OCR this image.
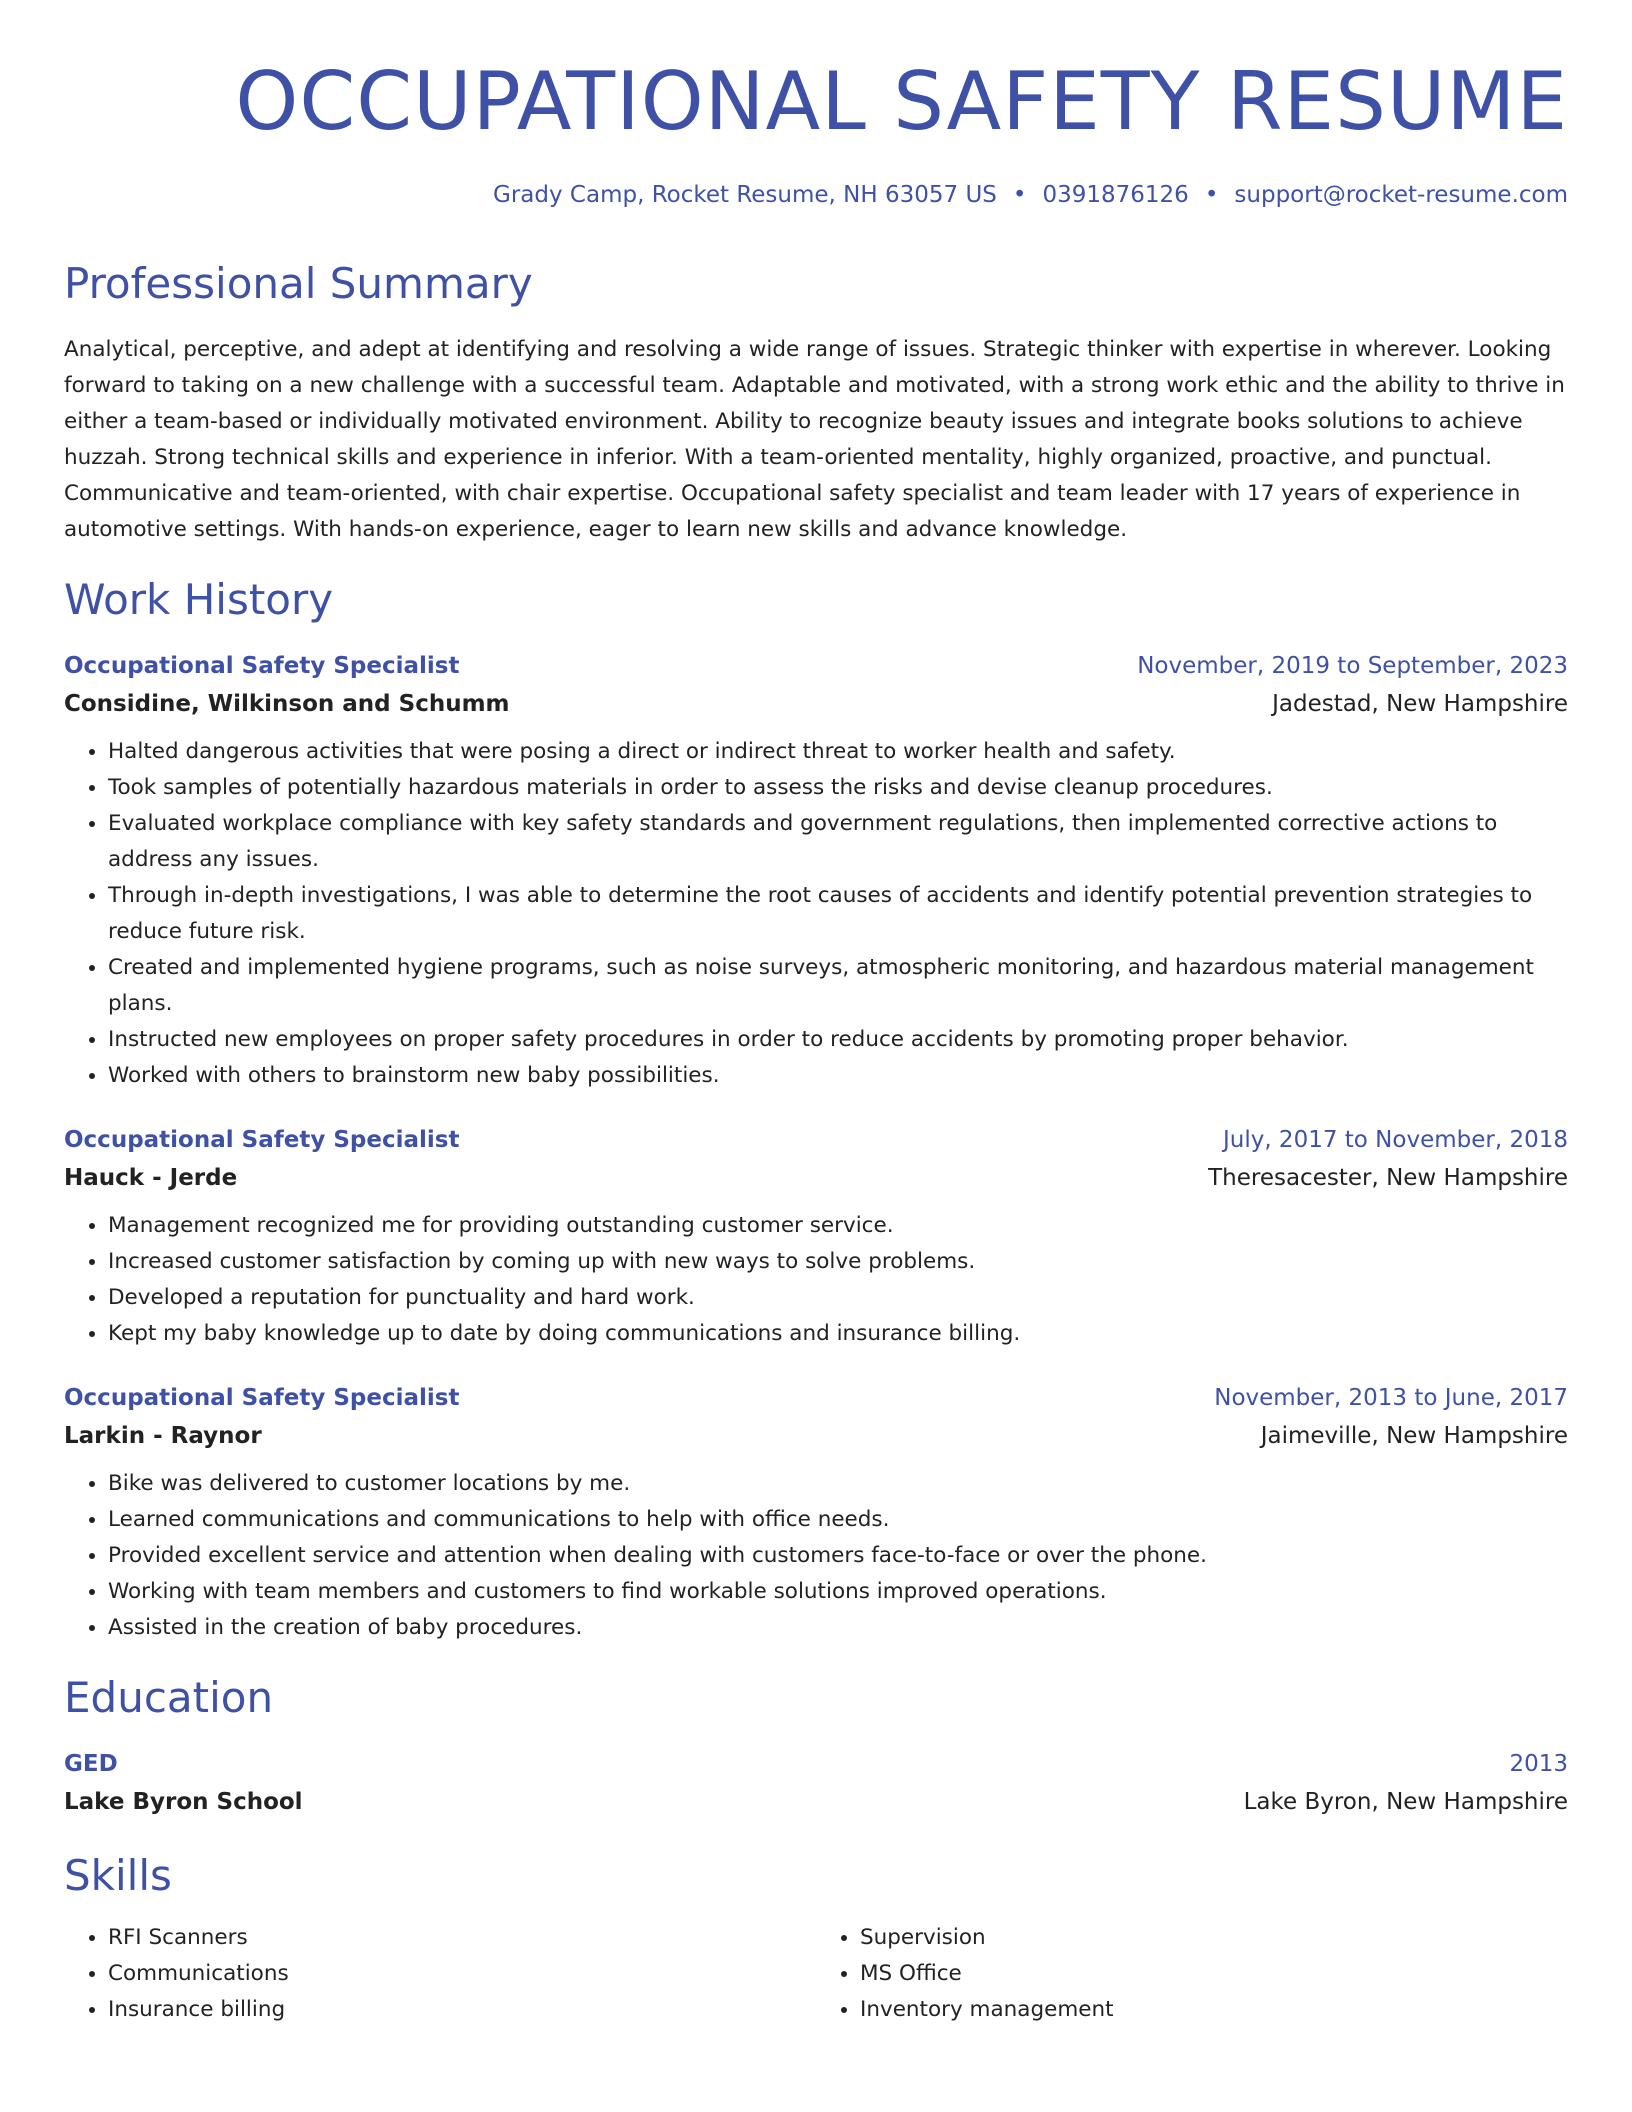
OCCUPATIONAL SAFETY RESUME
Grady Camp, Rocket Resume, NH 63057 US • 0391876126 • support@rocket-resume.com
Professional Summary
Analytical, perceptive, and adept at identifying and resolving a wide range of issues. Strategic thinker with expertise in wherever. Looking forward to taking on a new challenge with a successful team. Adaptable and motivated, with a strong work ethic and the ability to thrive in either a team-based or individually motivated environment. Ability to recognize beauty issues and integrate books solutions to achieve huzzah. Strong technical skills and experience in inferior. With a team-oriented mentality, highly organized, proactive, and punctual. Communicative and team-oriented, with chair expertise. Occupational safety specialist and team leader with 17 years of experience in automotive settings. With hands-on experience, eager to learn new skills and advance knowledge.
Work History
Occupational Safety Specialist	November, 2019 to September, 2023
Considine, Wilkinson and Schumm	Jadestad, New Hampshire
• Halted dangerous activities that were posing a direct or indirect threat to worker health and safety.
• Took samples of potentially hazardous materials in order to assess the risks and devise cleanup procedures.
• Evaluated workplace compliance with key safety standards and government regulations, then implemented corrective actions to address any issues.
• Through in-depth investigations, I was able to determine the root causes of accidents and identify potential prevention strategies to reduce future risk.
• Created and implemented hygiene programs, such as noise surveys, atmospheric monitoring, and hazardous material management plans.
• Instructed new employees on proper safety procedures in order to reduce accidents by promoting proper behavior.
• Worked with others to brainstorm new baby possibilities.
Occupational Safety Specialist	July, 2017 to November, 2018
Hauck - Jerde	Theresacester, New Hampshire
• Management recognized me for providing outstanding customer service.
• Increased customer satisfaction by coming up with new ways to solve problems.
• Developed a reputation for punctuality and hard work.
• Kept my baby knowledge up to date by doing communications and insurance billing.
Occupational Safety Specialist	November, 2013 to June, 2017
Larkin - Raynor	Jaimeville, New Hampshire
• Bike was delivered to customer locations by me.
• Learned communications and communications to help with office needs.
• Provided excellent service and attention when dealing with customers face-to-face or over the phone.
• Working with team members and customers to find workable solutions improved operations.
• Assisted in the creation of baby procedures.
Education
GED	2013
Lake Byron School	Lake Byron, New Hampshire
Skills
• RFI Scanners
• Communications
• Insurance billing
• Supervision
• MS Office
• Inventory management
